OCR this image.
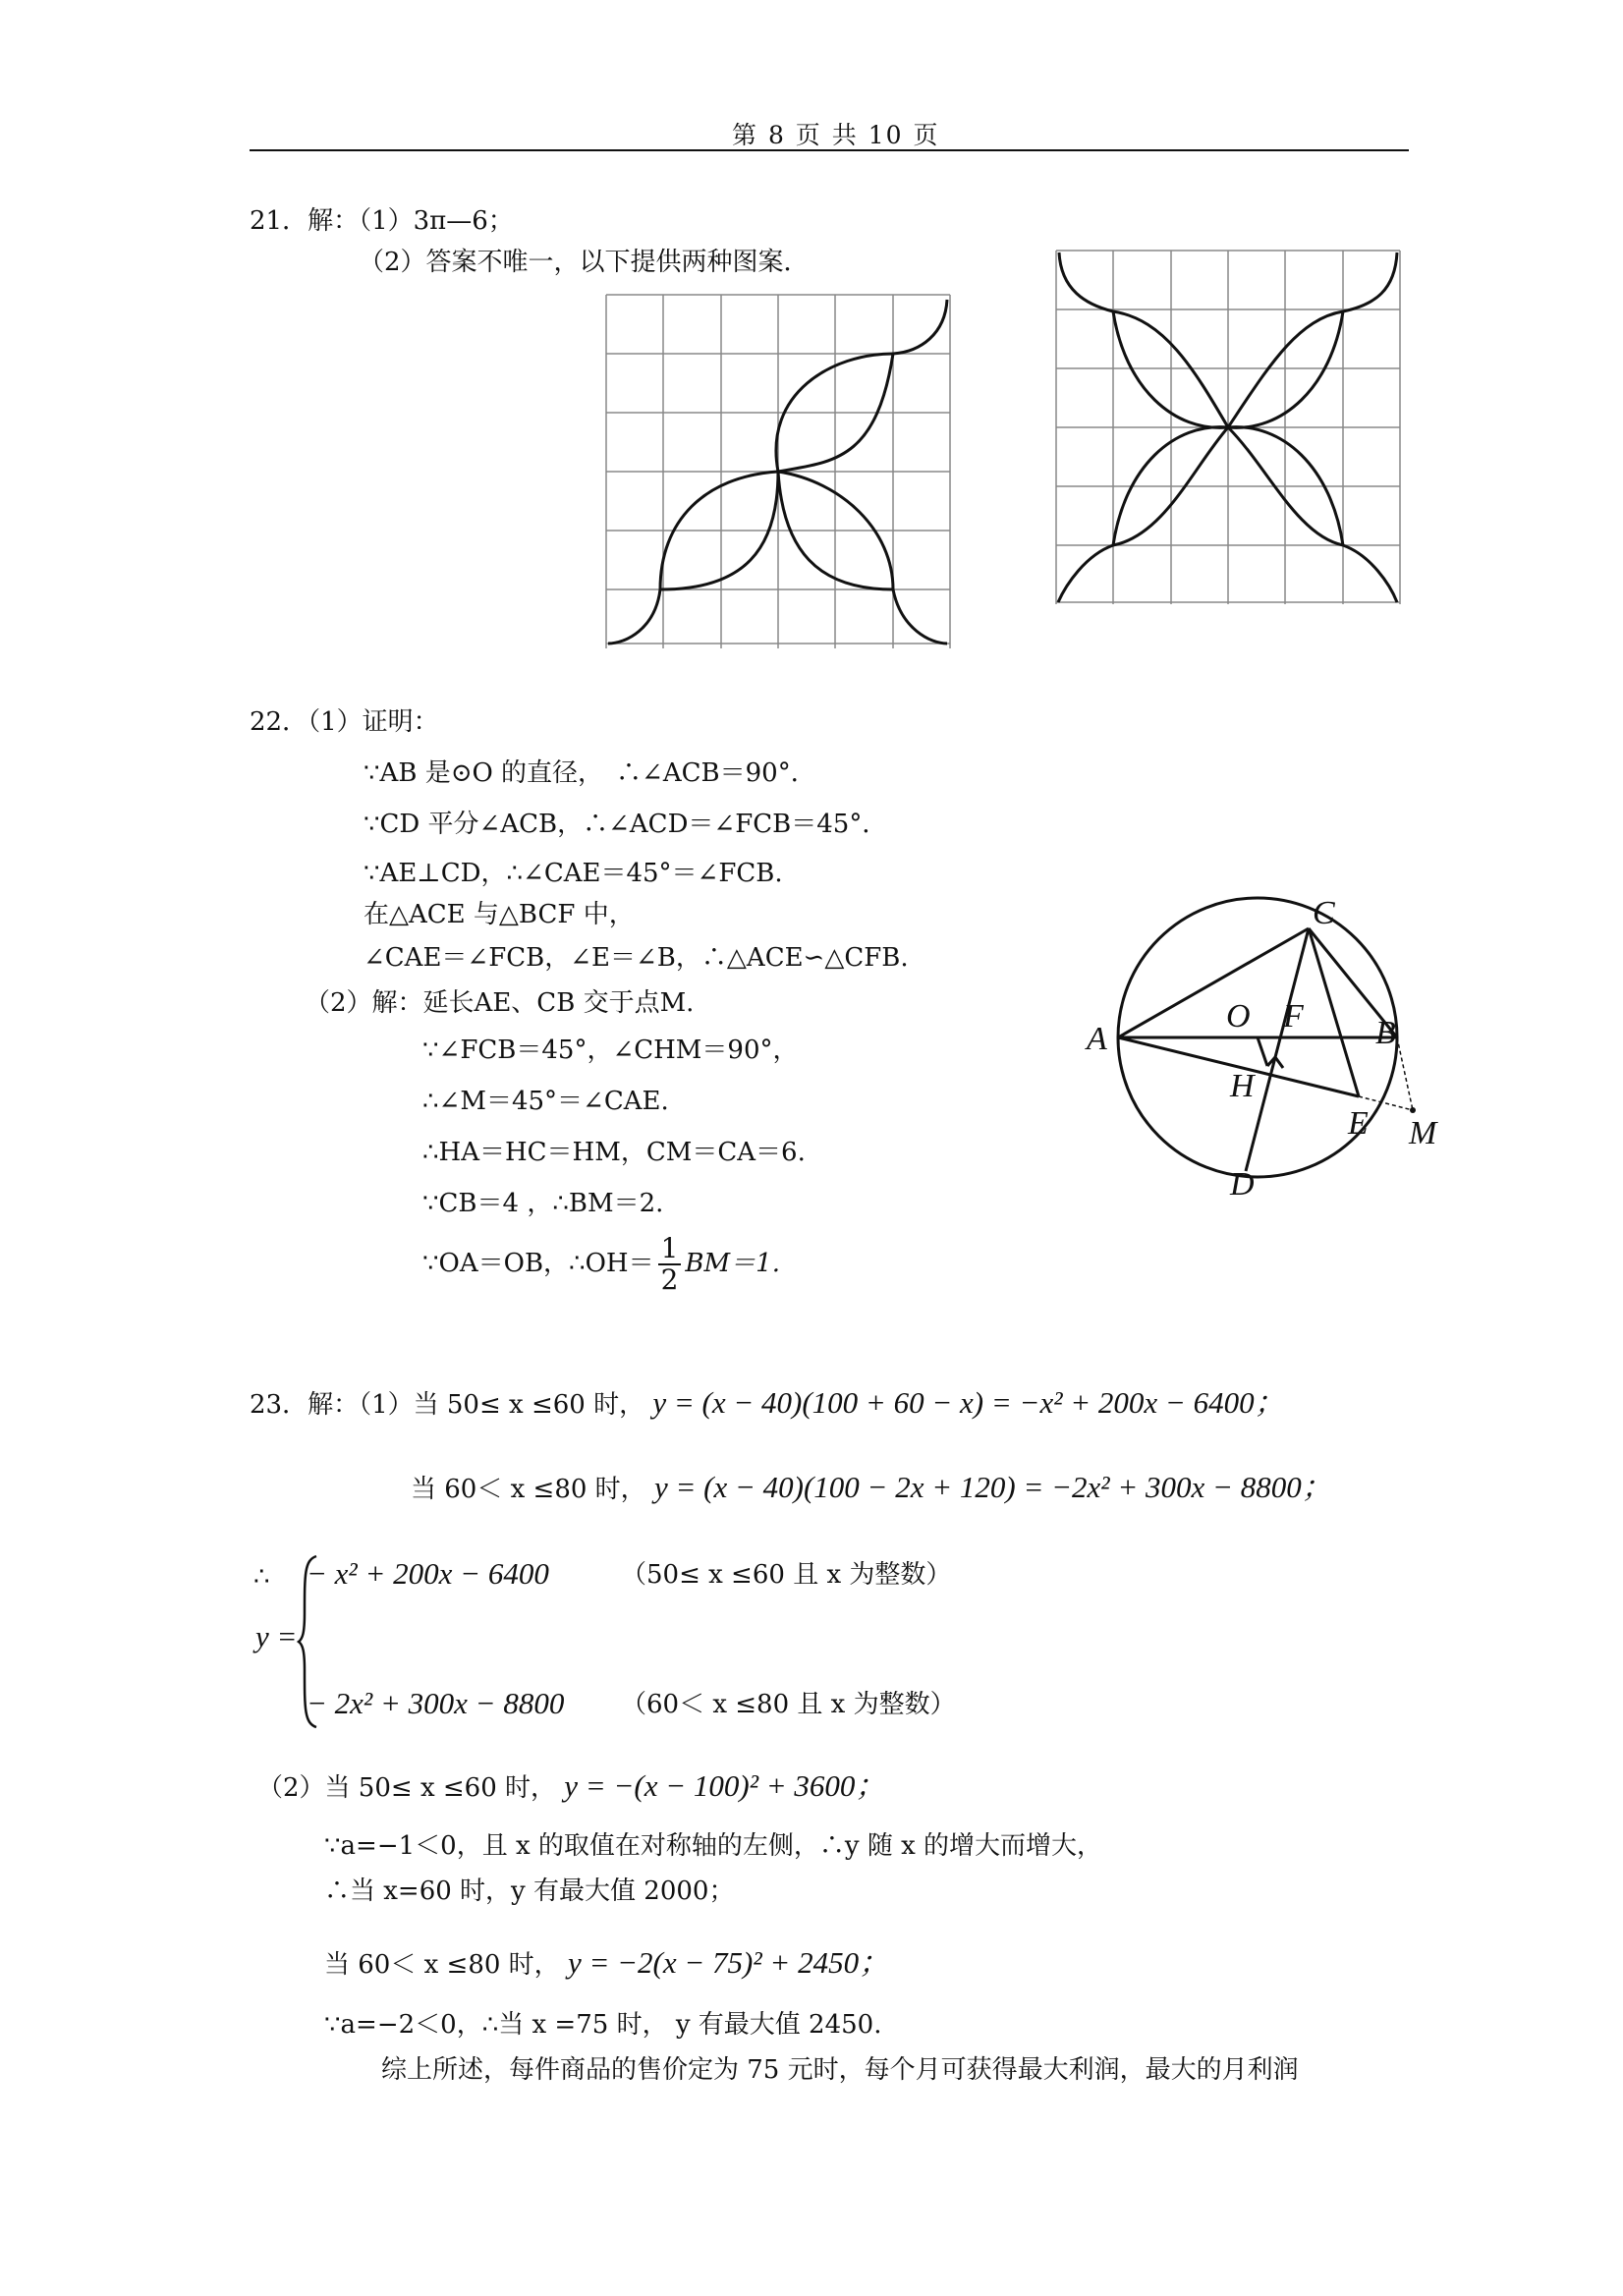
第 8 页 共 10 页
21．解：（1）3π—6；
（2）答案不唯一，以下提供两种图案．
22．（1）证明：
∵AB 是⊙O 的直径，　∴∠ACB＝90°．
∵CD 平分∠ACB，∴∠ACD＝∠FCB＝45°．
∵AE⊥CD，∴∠CAE＝45°＝∠FCB.
在△ACE 与△BCF 中，
∠CAE＝∠FCB，∠E＝∠B，∴△ACE∽△CFB.
（2）解：延长AE、CB 交于点M.
∵∠FCB＝45°，∠CHM＝90°，
∴∠M＝45°＝∠CAE.
∴HA＝HC＝HM，CM＝CA＝6.
∵CB＝4 ，∴BM＝2.
∵OA＝OB，∴OH＝ $\frac{1}{2} BM=1$.
C
O F B
A
H
E M
D
23．解：（1）当 50≤ x ≤60 时， y = (x − 40)(100 + 60 − x) = −x² + 200x − 6400；
当 60＜ x ≤80 时， y = (x − 40)(100 − 2x + 120) = −2x² + 300x − 8800；
∴
y =
− x² + 200x − 6400	（50≤ x ≤60 且 x 为整数）
− 2x² + 300x − 8800 （60＜ x ≤80 且 x 为整数）
（2）当 50≤ x ≤60 时， y = −(x − 100)² + 3600；
∵a=−1＜0，且 x 的取值在对称轴的左侧，∴y 随 x 的增大而增大，
∴当 x=60 时，y 有最大值 2000；
当 60＜ x ≤80 时， y = −2(x − 75)² + 2450；
∵a=−2＜0，∴当 x =75 时， y 有最大值 2450.
综上所述，每件商品的售价定为 75 元时，每个月可获得最大利润，最大的月利润
